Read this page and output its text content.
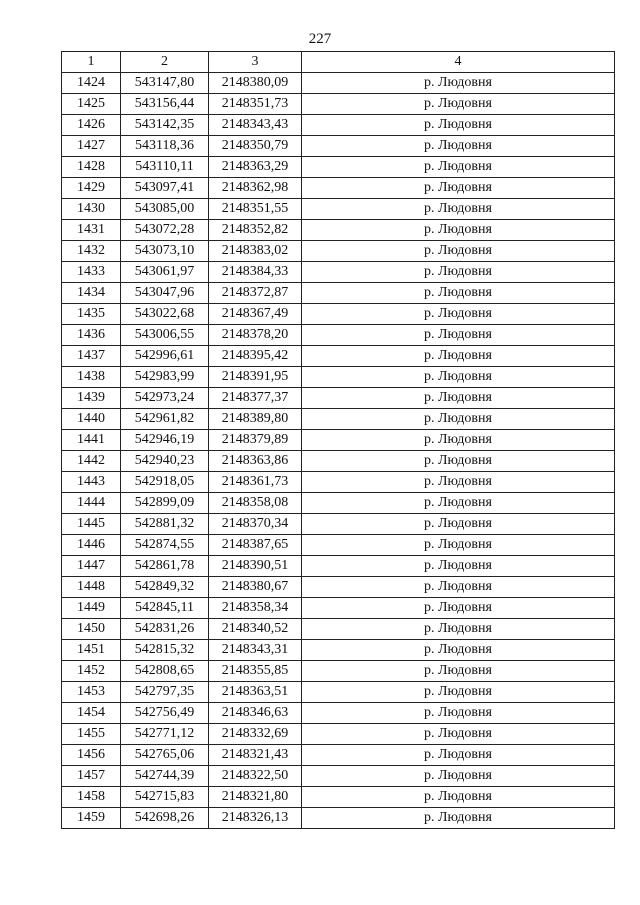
227
1	2	3	4
1424	543147,80	2148380,09	р. Людовня
1425	543156,44	2148351,73	р. Людовня
1426	543142,35	2148343,43	р. Людовня
1427	543118,36	2148350,79	р. Людовня
1428	543110,11	2148363,29	р. Людовня
1429	543097,41	2148362,98	р. Людовня
1430	543085,00	2148351,55	р. Людовня
1431	543072,28	2148352,82	р. Людовня
1432	543073,10	2148383,02	р. Людовня
1433	543061,97	2148384,33	р. Людовня
1434	543047,96	2148372,87	р. Людовня
1435	543022,68	2148367,49	р. Людовня
1436	543006,55	2148378,20	р. Людовня
1437	542996,61	2148395,42	р. Людовня
1438	542983,99	2148391,95	р. Людовня
1439	542973,24	2148377,37	р. Людовня
1440	542961,82	2148389,80	р. Людовня
1441	542946,19	2148379,89	р. Людовня
1442	542940,23	2148363,86	р. Людовня
1443	542918,05	2148361,73	р. Людовня
1444	542899,09	2148358,08	р. Людовня
1445	542881,32	2148370,34	р. Людовня
1446	542874,55	2148387,65	р. Людовня
1447	542861,78	2148390,51	р. Людовня
1448	542849,32	2148380,67	р. Людовня
1449	542845,11	2148358,34	р. Людовня
1450	542831,26	2148340,52	р. Людовня
1451	542815,32	2148343,31	р. Людовня
1452	542808,65	2148355,85	р. Людовня
1453	542797,35	2148363,51	р. Людовня
1454	542756,49	2148346,63	р. Людовня
1455	542771,12	2148332,69	р. Людовня
1456	542765,06	2148321,43	р. Людовня
1457	542744,39	2148322,50	р. Людовня
1458	542715,83	2148321,80	р. Людовня
1459	542698,26	2148326,13	р. Людовня
